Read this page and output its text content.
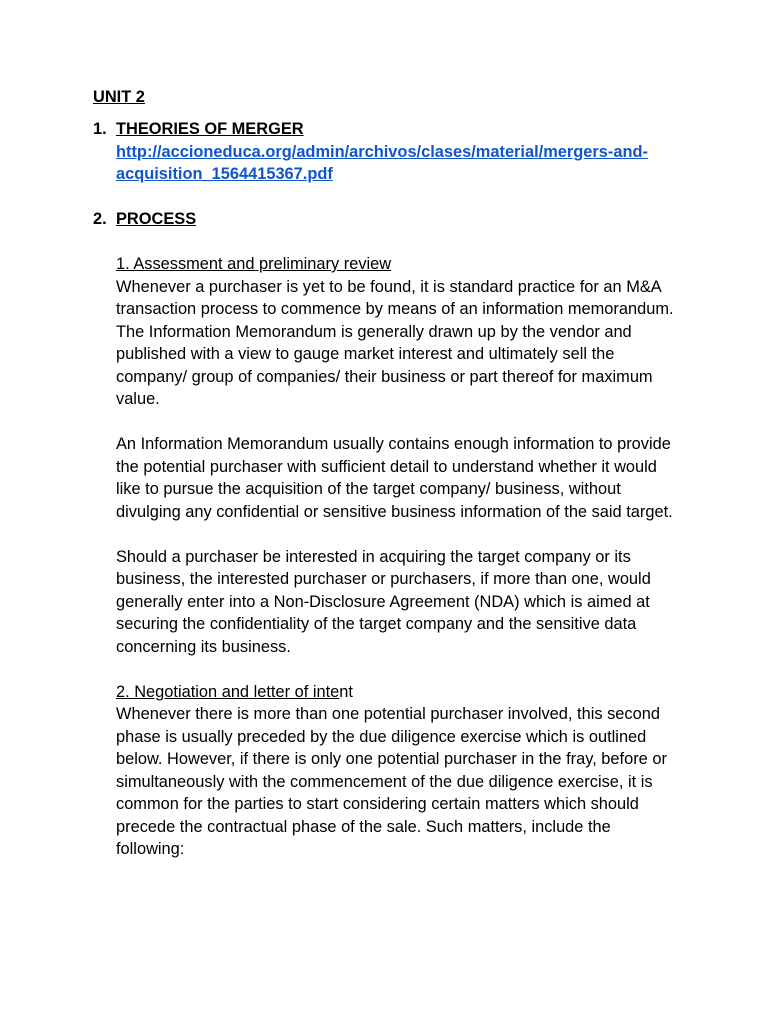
UNIT 2
1. THEORIES OF MERGER
http://accioneduca.org/admin/archivos/clases/material/mergers-and-acquisition_1564415367.pdf
2. PROCESS
1. Assessment and preliminary review

Whenever a purchaser is yet to be found, it is standard practice for an M&A transaction process to commence by means of an information memorandum. The Information Memorandum is generally drawn up by the vendor and published with a view to gauge market interest and ultimately sell the company/ group of companies/ their business or part thereof for maximum value.

An Information Memorandum usually contains enough information to provide the potential purchaser with sufficient detail to understand whether it would like to pursue the acquisition of the target company/ business, without divulging any confidential or sensitive business information of the said target.

Should a purchaser be interested in acquiring the target company or its business, the interested purchaser or purchasers, if more than one, would generally enter into a Non-Disclosure Agreement (NDA) which is aimed at securing the confidentiality of the target company and the sensitive data concerning its business.

2. Negotiation and letter of intent

Whenever there is more than one potential purchaser involved, this second phase is usually preceded by the due diligence exercise which is outlined below. However, if there is only one potential purchaser in the fray, before or simultaneously with the commencement of the due diligence exercise, it is common for the parties to start considering certain matters which should precede the contractual phase of the sale. Such matters, include the following:
